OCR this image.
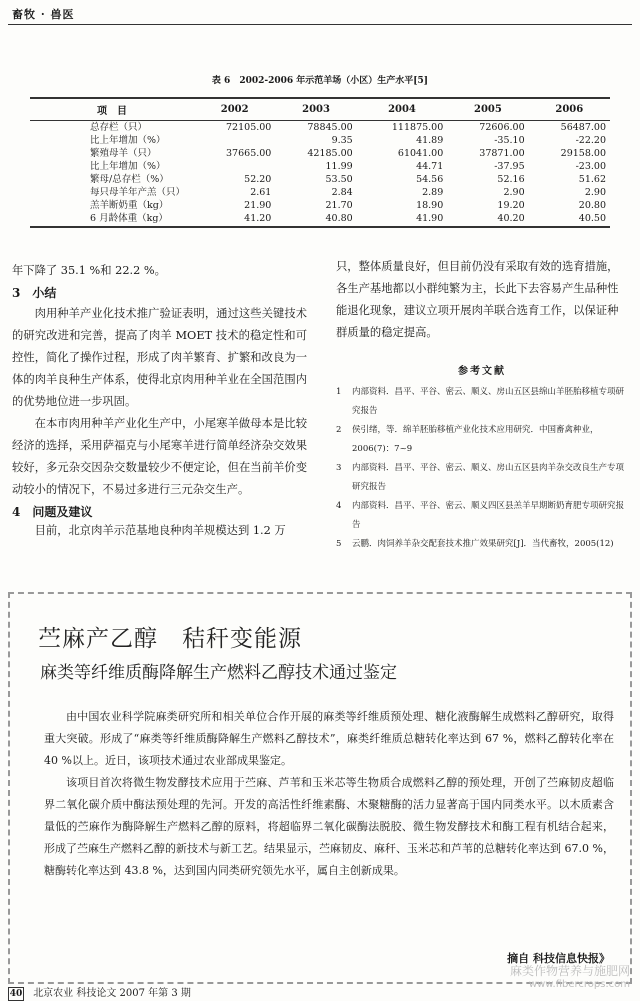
畜牧 · 兽医
表 6　2002-2006 年示范羊场（小区）生产水平[5]
项　目	2002	2003	2004	2005	2006

总存栏（只）	72105.00	78845.00	111875.00	72606.00	56487.00
比上年增加（%）		9.35	41.89	-35.10	-22.20
繁殖母羊（只）	37665.00	42185.00	61041.00	37871.00	29158.00
比上年增加（%）		11.99	44.71	-37.95	-23.00
繁母/总存栏（%）	52.20	53.50	54.56	52.16	51.62
每只母羊年产羔（只）	2.61	2.84	2.89	2.90	2.90
羔羊断奶重（kg）	21.90	21.70	18.90	19.20	20.80
6 月龄体重（kg）	41.20	40.80	41.90	40.20	40.50

年下降了 35.1 %和 22.2 %。

3　小结

肉用种羊产业化技术推广验证表明，通过这些关键技术的研究改进和完善，提高了肉羊 MOET 技术的稳定性和可控性，简化了操作过程，形成了肉羊繁育、扩繁和改良为一体的肉羊良种生产体系，使得北京肉用种羊业在全国范围内的优势地位进一步巩固。

在本市肉用种羊产业化生产中，小尾寒羊做母本是比较经济的选择，采用萨福克与小尾寒羊进行简单经济杂交效果较好，多元杂交因杂交数量较少不便定论，但在当前羊价变动较小的情况下，不易过多进行三元杂交生产。

4　问题及建议

目前，北京肉羊示范基地良种肉羊规模达到 1.2 万

只，整体质量良好，但目前仍没有采取有效的选育措施，各生产基地都以小群纯繁为主，长此下去容易产生品种性能退化现象，建议立项开展肉羊联合选育工作，以保证种群质量的稳定提高。

参考文献

1	内部资料．昌平、平谷、密云、顺义、房山五区县绵山羊胚胎移植专项研究报告

2	侯引绪，等．绵羊胚胎移植产业化技术应用研究．中国畜禽种业，2006(7)：7~9

3	内部资料．昌平、平谷、密云、顺义、房山五区县肉羊杂交改良生产专项研究报告

4	内部资料．昌平、平谷、密云、顺义四区县羔羊早期断奶育肥专项研究报告

5	云鹏．肉饲养羊杂交配套技术推广效果研究[J]．当代畜牧，2005(12)

苎麻产乙醇　秸秆变能源
麻类等纤维质酶降解生产燃料乙醇技术通过鉴定

由中国农业科学院麻类研究所和相关单位合作开展的麻类等纤维质预处理、糖化液酶解生成燃料乙醇研究，取得重大突破。形成了“麻类等纤维质酶降解生产燃料乙醇技术”，麻类纤维质总糖转化率达到 67 %，燃料乙醇转化率在 40 %以上。近日，该项技术通过农业部成果鉴定。

该项目首次将微生物发酵技术应用于苎麻、芦苇和玉米芯等生物质合成燃料乙醇的预处理，开创了苎麻韧皮超临界二氧化碳介质中酶法预处理的先河。开发的高活性纤维素酶、木聚糖酶的活力显著高于国内同类水平。以木质素含量低的苎麻作为酶降解生产燃料乙醇的原料，将超临界二氧化碳酶法脱胶、微生物发酵技术和酶工程有机结合起来，形成了苎麻生产燃料乙醇的新技术与新工艺。结果显示，苎麻韧皮、麻秆、玉米芯和芦苇的总糖转化率达到 67.0 %，糖酶转化率达到 43.8 %，达到国内同类研究领先水平，属自主创新成果。

摘自 科技信息快报》
40 北京农业 科技论文 2007 年第 3 期
麻类作物营养与施肥网
www.fibercrops.com
